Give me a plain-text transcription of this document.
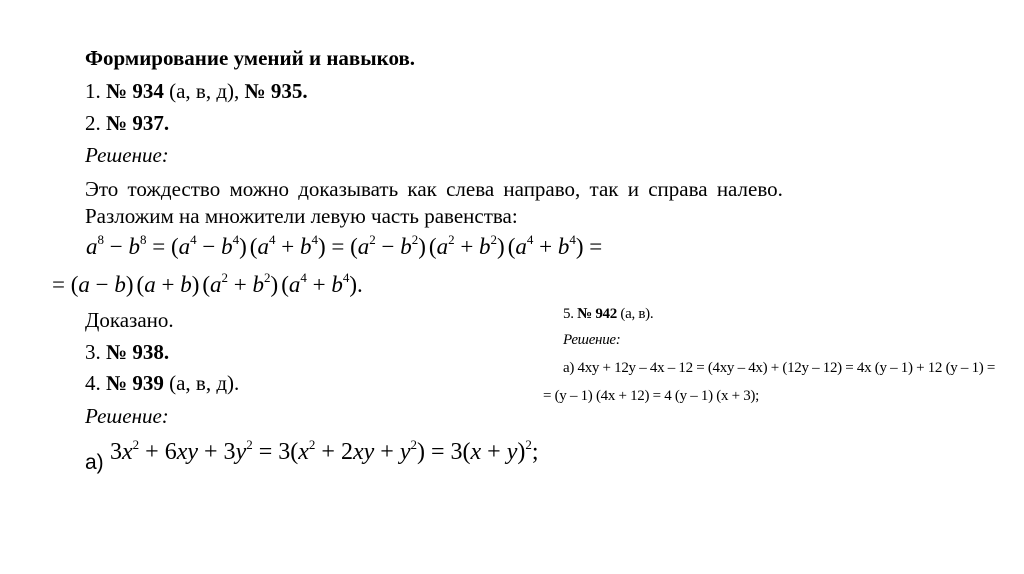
Формирование умений и навыков.
1. № 934 (а, в, д), № 935.
2. № 937.
Решение:
Это тождество можно доказывать как слева направо, так и справа налево.
Разложим на множители левую часть равенства:
$a^8 - b^8 = (a^4 - b^4) (a^4 + b^4) = (a^2 - b^2) (a^2 + b^2) (a^4 + b^4)$ =
= (a − b) (a + b) $(a^2 + b^2) (a^4 + b^4)$.
Доказано.
3. № 938.
4. № 939 (а, в, д).
Решение:
а) $3x^2 + 6xy + 3y^2 = 3(x^2 + 2xy + y^2) = 3(x + y)^2$;
5. № 942 (а, в).
Решение:
а) 4xy + 12y – 4x – 12 = (4xy – 4x) + (12y – 12) = 4x (y – 1) + 12 (y – 1) =
= (y – 1) (4x + 12) = 4 (y – 1) (x + 3);
